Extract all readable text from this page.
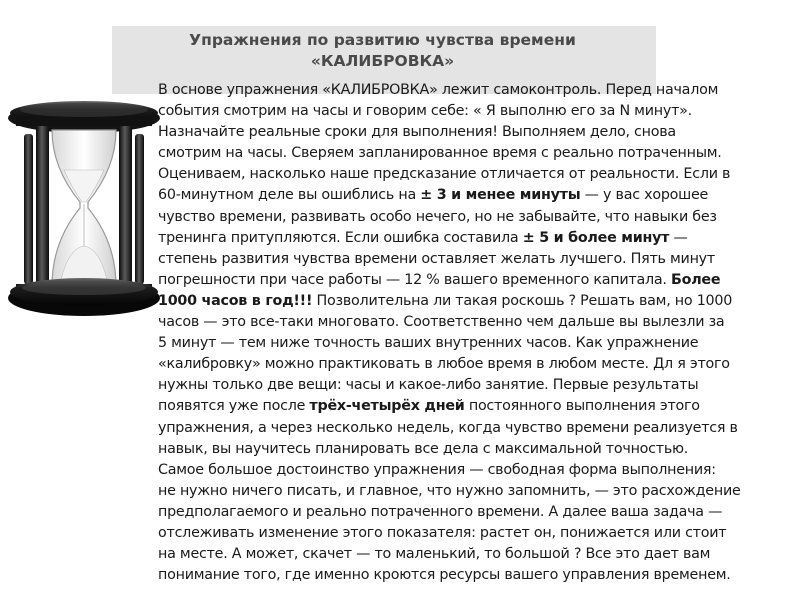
Упражнения по развитию чувства времени
«КАЛИБРОВКА»
В основе упражнения «КАЛИБРОВКА» лежит самоконтроль. Перед началом
события смотрим на часы и говорим себе: « Я выполню его за N минут».
Назначайте реальные сроки для выполнения! Выполняем дело, снова
смотрим на часы. Сверяем запланированное время с реально потраченным.
Оцениваем, насколько наше предсказание отличается от реальности. Если в
60-минутном деле вы ошиблись на ± 3 и менее минуты — у вас хорошее
чувство времени, развивать особо нечего, но не забывайте, что навыки без
тренинга притупляются. Если ошибка составила ± 5 и более минут —
степень развития чувства времени оставляет желать лучшего. Пять минут
погрешности при часе работы — 12 % вашего временного капитала. Более
1000 часов в год!!! Позволительна ли такая роскошь ? Решать вам, но 1000
часов — это все-таки многовато. Соответственно чем дальше вы вылезли за
5 минут — тем ниже точность ваших внутренних часов. Как упражнение
«калибровку» можно практиковать в любое время в любом месте. Дл я этого
нужны только две вещи: часы и какое-либо занятие. Первые результаты
появятся уже после трёх-четырёх дней постоянного выполнения этого
упражнения, а через несколько недель, когда чувство времени реализуется в
навык, вы научитесь планировать все дела с максимальной точностью.
Самое большое достоинство упражнения — свободная форма выполнения:
не нужно ничего писать, и главное, что нужно запомнить, — это расхождение
предполагаемого и реально потраченного времени. А далее ваша задача —
отслеживать изменение этого показателя: растет он, понижается или стоит
на месте. А может, скачет — то маленький, то большой ? Все это дает вам
понимание того, где именно кроются ресурсы вашего управления временем.
